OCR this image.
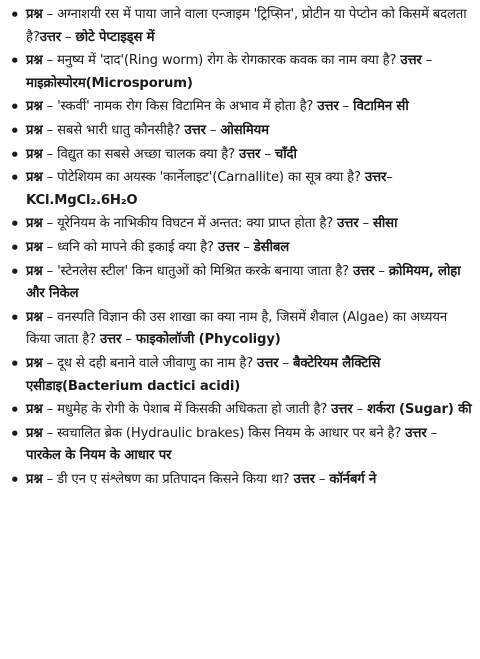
• प्रश्न – अग्नाशयी रस में पाया जाने वाला एन्जाइम 'ट्रिप्सिन', प्रोटीन या पेप्टोन को किसमें बदलता है?उत्तर – छोटे पेप्टाइड्स में
• प्रश्न – मनुष्य में 'दाद'(Ring worm) रोग के रोगकारक कवक का नाम क्या है? उत्तर – माइक्रोस्पोरम(Microsporum)
• प्रश्न – 'स्कर्वी' नामक रोग किस विटामिन के अभाव में होता है? उत्तर – विटामिन सी
• प्रश्न – सबसे भारी धातु कौनसीहै? उत्तर – ओसमियम
• प्रश्न – विद्युत का सबसे अच्छा चालक क्या है? उत्तर – चाँदी
• प्रश्न – पोटेशियम का अयस्क 'कार्नेलाइट'(Carnallite) का सूत्र क्या है? उत्तर–KCl.MgCl₂.6H₂O
• प्रश्न – यूरेनियम के नाभिकीय विघटन में अन्तत: क्या प्राप्त होता है? उत्तर – सीसा
• प्रश्न – ध्वनि को मापने की इकाई क्या है? उत्तर – डेसीबल
• प्रश्न – 'स्टेनलेस स्टील' किन धातुओं को मिश्रित करके बनाया जाता है? उत्तर – क्रोमियम, लोहा और निकेल
• प्रश्न – वनस्पति विज्ञान की उस शाखा का क्या नाम है, जिसमें शैवाल (Algae) का अध्ययन किया जाता है? उत्तर – फाइकोलॉजी (Phycoligy)
• प्रश्न – दूध से दही बनाने वाले जीवाणु का नाम है? उत्तर – बैक्टेरियम लैक्टिसि एसीडाइ(Bacterium dactici acidi)
• प्रश्न – मधुमेह के रोगी के पेशाब में किसकी अधिकता हो जाती है? उत्तर – शर्करा (Sugar) की
• प्रश्न – स्वचालित ब्रेक (Hydraulic brakes) किस नियम के आधार पर बने है? उत्तर – पारकेल के नियम के आधार पर
• प्रश्न – डी एन ए संश्लेषण का प्रतिपादन किसने किया था? उत्तर – कॉर्नबर्ग ने
